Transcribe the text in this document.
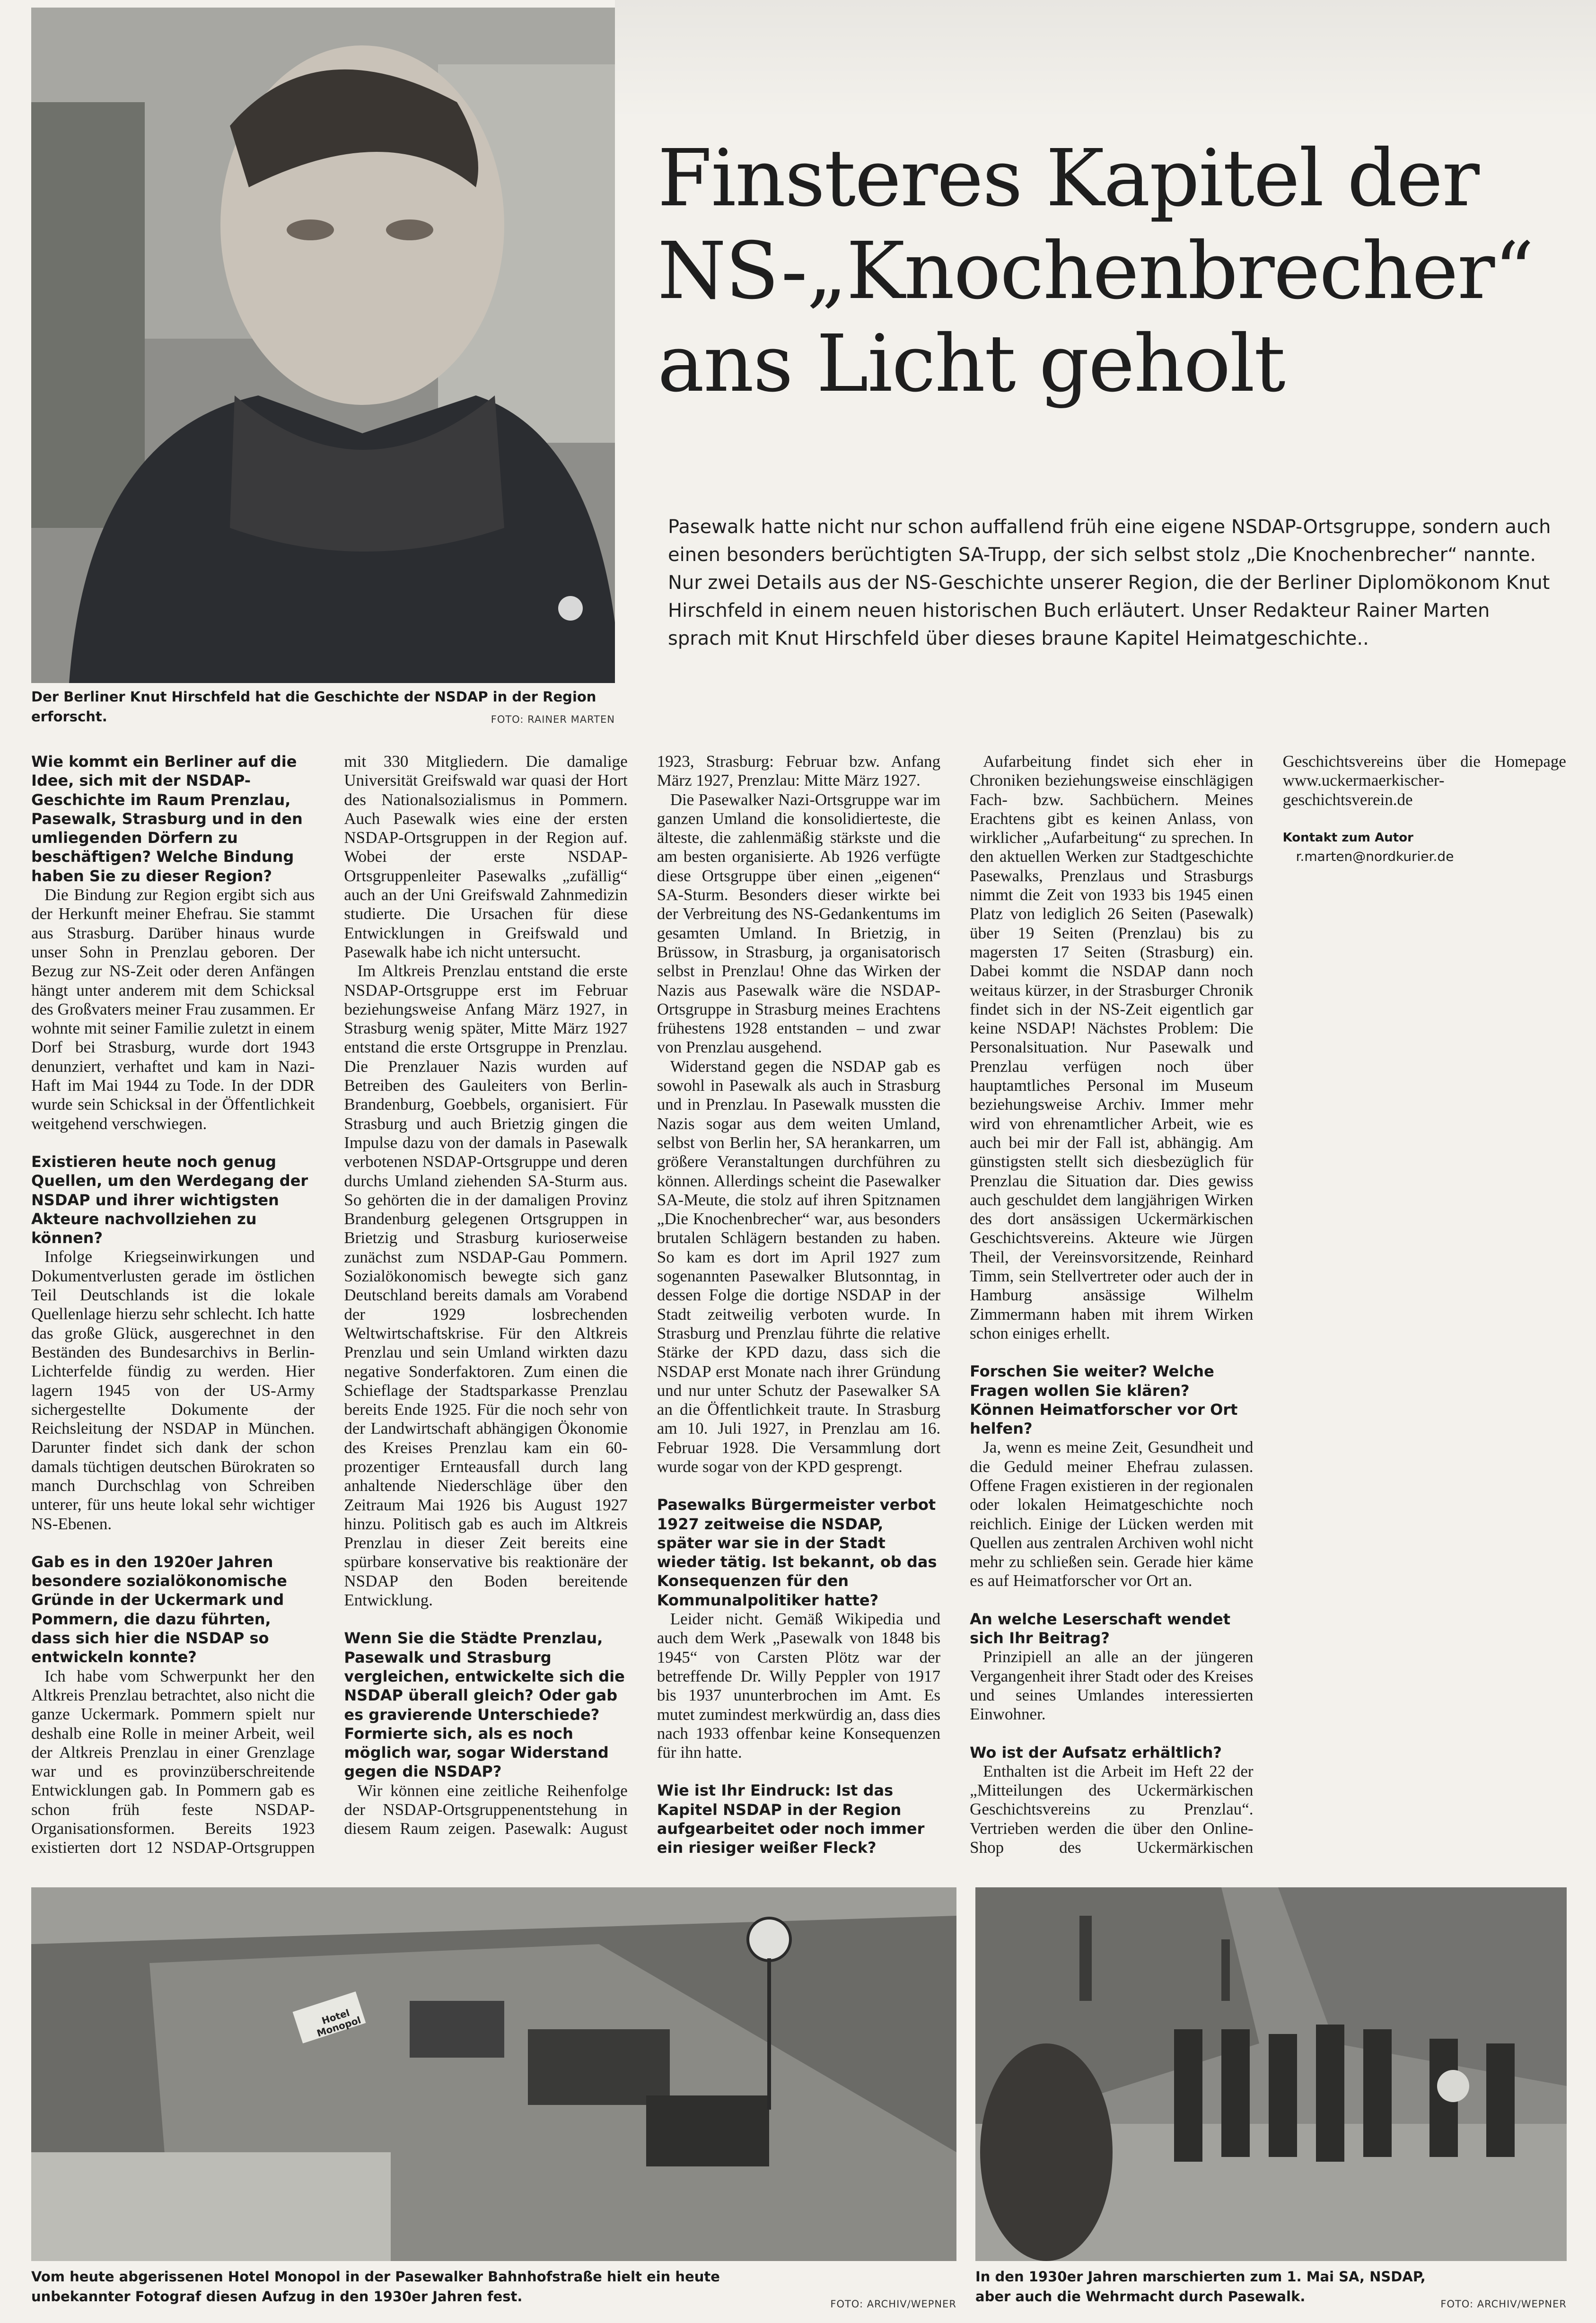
Der Berliner Knut Hirschfeld hat die Geschichte der NSDAP in der Region erforscht.	FOTO: RAINER MARTEN
Finsteres Kapitel der
NS-„Knochenbrecher“
ans Licht geholt
Pasewalk hatte nicht nur schon auffallend früh eine eigene NSDAP-Ortsgruppe, sondern auch einen besonders berüchtigten SA-Trupp, der sich selbst stolz „Die Knochenbrecher“ nannte. Nur zwei Details aus der NS-Geschichte unserer Region, die der Berliner Diplomökonom Knut Hirschfeld in einem neuen historischen Buch erläutert. Unser Redakteur Rainer Marten sprach mit Knut Hirschfeld über dieses braune Kapitel Heimatgeschichte..

Wie kommt ein Berliner auf die Idee, sich mit der NSDAP-Geschichte im Raum Prenzlau, Pasewalk, Strasburg und in den umliegenden Dörfern zu beschäftigen? Welche Bindung haben Sie zu dieser Region?

Die Bindung zur Region ergibt sich aus der Herkunft meiner Ehefrau. Sie stammt aus Strasburg. Darüber hinaus wurde unser Sohn in Prenzlau geboren. Der Bezug zur NS-Zeit oder deren Anfängen hängt unter anderem mit dem Schicksal des Großvaters meiner Frau zusammen. Er wohnte mit seiner Familie zuletzt in einem Dorf bei Strasburg, wurde dort 1943 denunziert, verhaftet und kam in Nazi-Haft im Mai 1944 zu Tode. In der DDR wurde sein Schicksal in der Öffentlichkeit weitgehend verschwiegen.

Existieren heute noch genug Quellen, um den Werdegang der NSDAP und ihrer wichtigsten Akteure nachvollziehen zu können?

Infolge Kriegseinwirkungen und Dokumentverlusten gerade im östlichen Teil Deutschlands ist die lokale Quellenlage hierzu sehr schlecht. Ich hatte das große Glück, ausgerechnet in den Beständen des Bundesarchivs in Berlin-Lichterfelde fündig zu werden. Hier lagern 1945 von der US-Army sichergestellte Dokumente der Reichsleitung der NSDAP in München. Darunter findet sich dank der schon damals tüchtigen deutschen Bürokraten so manch Durchschlag von Schreiben unterer, für uns heute lokal sehr wichtiger NS-Ebenen.

Gab es in den 1920er Jahren besondere sozialökonomische Gründe in der Uckermark und Pommern, die dazu führten, dass sich hier die NSDAP so entwickeln konnte?

Ich habe vom Schwerpunkt her den Altkreis Prenzlau betrachtet, also nicht die ganze Uckermark. Pommern spielt nur deshalb eine Rolle in meiner Arbeit, weil der Altkreis Prenzlau in einer Grenzlage war und es provinzüberschreitende Entwicklungen gab. In Pommern gab es schon früh feste NSDAP-Organisationsformen. Bereits 1923 existierten dort 12 NSDAP-Ortsgruppen mit 330 Mitgliedern. Die damalige Universität Greifswald war quasi der Hort des Nationalsozialismus in Pommern. Auch Pasewalk wies eine der ersten NSDAP-Ortsgruppen in der Region auf. Wobei der erste NSDAP-Ortsgruppenleiter Pasewalks „zufällig“ auch an der Uni Greifswald Zahnmedizin studierte. Die Ursachen für diese Entwicklungen in Greifswald und Pasewalk habe ich nicht untersucht.

Im Altkreis Prenzlau entstand die erste NSDAP-Ortsgruppe erst im Februar beziehungsweise Anfang März 1927, in Strasburg wenig später, Mitte März 1927 entstand die erste Ortsgruppe in Prenzlau. Die Prenzlauer Nazis wurden auf Betreiben des Gauleiters von Berlin-Brandenburg, Goebbels, organisiert. Für Strasburg und auch Brietzig gingen die Impulse dazu von der damals in Pasewalk verbotenen NSDAP-Ortsgruppe und deren durchs Umland ziehenden SA-Sturm aus. So gehörten die in der damaligen Provinz Brandenburg gelegenen Ortsgruppen in Brietzig und Strasburg kurioserweise zunächst zum NSDAP-Gau Pommern. Sozialökonomisch bewegte sich ganz Deutschland bereits damals am Vorabend der 1929 losbrechenden Weltwirtschaftskrise. Für den Altkreis Prenzlau und sein Umland wirkten dazu negative Sonderfaktoren. Zum einen die Schieflage der Stadtsparkasse Prenzlau bereits Ende 1925. Für die noch sehr von der Landwirtschaft abhängigen Ökonomie des Kreises Prenzlau kam ein 60-prozentiger Ernteausfall durch lang anhaltende Niederschläge über den Zeitraum Mai 1926 bis August 1927 hinzu. Politisch gab es auch im Altkreis Prenzlau in dieser Zeit bereits eine spürbare konservative bis reaktionäre der NSDAP den Boden bereitende Entwicklung.

Wenn Sie die Städte Prenzlau, Pasewalk und Strasburg vergleichen, entwickelte sich die NSDAP überall gleich? Oder gab es gravierende Unterschiede? Formierte sich, als es noch möglich war, sogar Widerstand gegen die NSDAP?

Wir können eine zeitliche Reihenfolge der NSDAP-Ortsgruppenentstehung in diesem Raum zeigen. Pasewalk: August 1923, Strasburg: Februar bzw. Anfang März 1927, Prenzlau: Mitte März 1927.

Die Pasewalker Nazi-Ortsgruppe war im ganzen Umland die konsolidierteste, die älteste, die zahlenmäßig stärkste und die am besten organisierte. Ab 1926 verfügte diese Ortsgruppe über einen „eigenen“ SA-Sturm. Besonders dieser wirkte bei der Verbreitung des NS-Gedankentums im gesamten Umland. In Brietzig, in Brüssow, in Strasburg, ja organisatorisch selbst in Prenzlau! Ohne das Wirken der Nazis aus Pasewalk wäre die NSDAP-Ortsgruppe in Strasburg meines Erachtens frühestens 1928 entstanden – und zwar von Prenzlau ausgehend.

Widerstand gegen die NSDAP gab es sowohl in Pasewalk als auch in Strasburg und in Prenzlau. In Pasewalk mussten die Nazis sogar aus dem weiten Umland, selbst von Berlin her, SA herankarren, um größere Veranstaltungen durchführen zu können. Allerdings scheint die Pasewalker SA-Meute, die stolz auf ihren Spitznamen „Die Knochenbrecher“ war, aus besonders brutalen Schlägern bestanden zu haben. So kam es dort im April 1927 zum sogenannten Pasewalker Blutsonntag, in dessen Folge die dortige NSDAP in der Stadt zeitweilig verboten wurde. In Strasburg und Prenzlau führte die relative Stärke der KPD dazu, dass sich die NSDAP erst Monate nach ihrer Gründung und nur unter Schutz der Pasewalker SA an die Öffentlichkeit traute. In Strasburg am 10. Juli 1927, in Prenzlau am 16. Februar 1928. Die Versammlung dort wurde sogar von der KPD gesprengt.

Pasewalks Bürgermeister verbot 1927 zeitweise die NSDAP, später war sie in der Stadt wieder tätig. Ist bekannt, ob das Konsequenzen für den Kommunalpolitiker hatte?

Leider nicht. Gemäß Wikipedia und auch dem Werk „Pasewalk von 1848 bis 1945“ von Carsten Plötz war der betreffende Dr. Willy Peppler von 1917 bis 1937 ununterbrochen im Amt. Es mutet zumindest merkwürdig an, dass dies nach 1933 offenbar keine Konsequenzen für ihn hatte.

Wie ist Ihr Eindruck: Ist das Kapitel NSDAP in der Region aufgearbeitet oder noch immer ein riesiger weißer Fleck?

Aufarbeitung findet sich eher in Chroniken beziehungsweise einschlägigen Fach- bzw. Sachbüchern. Meines Erachtens gibt es keinen Anlass, von wirklicher „Aufarbeitung“ zu sprechen. In den aktuellen Werken zur Stadtgeschichte Pasewalks, Prenzlaus und Strasburgs nimmt die Zeit von 1933 bis 1945 einen Platz von lediglich 26 Seiten (Pasewalk) über 19 Seiten (Prenzlau) bis zu magersten 17 Seiten (Strasburg) ein. Dabei kommt die NSDAP dann noch weitaus kürzer, in der Strasburger Chronik findet sich in der NS-Zeit eigentlich gar keine NSDAP! Nächstes Problem: Die Personalsituation. Nur Pasewalk und Prenzlau verfügen noch über hauptamtliches Personal im Museum beziehungsweise Archiv. Immer mehr wird von ehrenamtlicher Arbeit, wie es auch bei mir der Fall ist, abhängig. Am günstigsten stellt sich diesbezüglich für Prenzlau die Situation dar. Dies gewiss auch geschuldet dem langjährigen Wirken des dort ansässigen Uckermärkischen Geschichtsvereins. Akteure wie Jürgen Theil, der Vereinsvorsitzende, Reinhard Timm, sein Stellvertreter oder auch der in Hamburg ansässige Wilhelm Zimmermann haben mit ihrem Wirken schon einiges erhellt.

Forschen Sie weiter? Welche Fragen wollen Sie klären? Können Heimatforscher vor Ort helfen?

Ja, wenn es meine Zeit, Gesundheit und die Geduld meiner Ehefrau zulassen. Offene Fragen existieren in der regionalen oder lokalen Heimatgeschichte noch reichlich. Einige der Lücken werden mit Quellen aus zentralen Archiven wohl nicht mehr zu schließen sein. Gerade hier käme es auf Heimatforscher vor Ort an.

An welche Leserschaft wendet sich Ihr Beitrag?

Prinzipiell an alle an der jüngeren Vergangenheit ihrer Stadt oder des Kreises und seines Umlandes interessierten Einwohner.

Wo ist der Aufsatz erhältlich?

Enthalten ist die Arbeit im Heft 22 der „Mitteilungen des Uckermärkischen Geschichtsvereins zu Prenzlau“. Vertrieben werden die über den Online-Shop des Uckermärkischen Geschichtsvereins über die Homepage www.uckermaerkischer-geschichtsverein.de

Kontakt zum Autor

r.marten@nordkurier.de

Hotel Monopol
Vom heute abgerissenen Hotel Monopol in der Pasewalker Bahnhofstraße hielt ein heute unbekannter Fotograf diesen Aufzug in den 1930er Jahren fest.	FOTO: ARCHIV/WEPNER
In den 1930er Jahren marschierten zum 1. Mai SA, NSDAP, aber auch die Wehrmacht durch Pasewalk.	FOTO: ARCHIV/WEPNER
